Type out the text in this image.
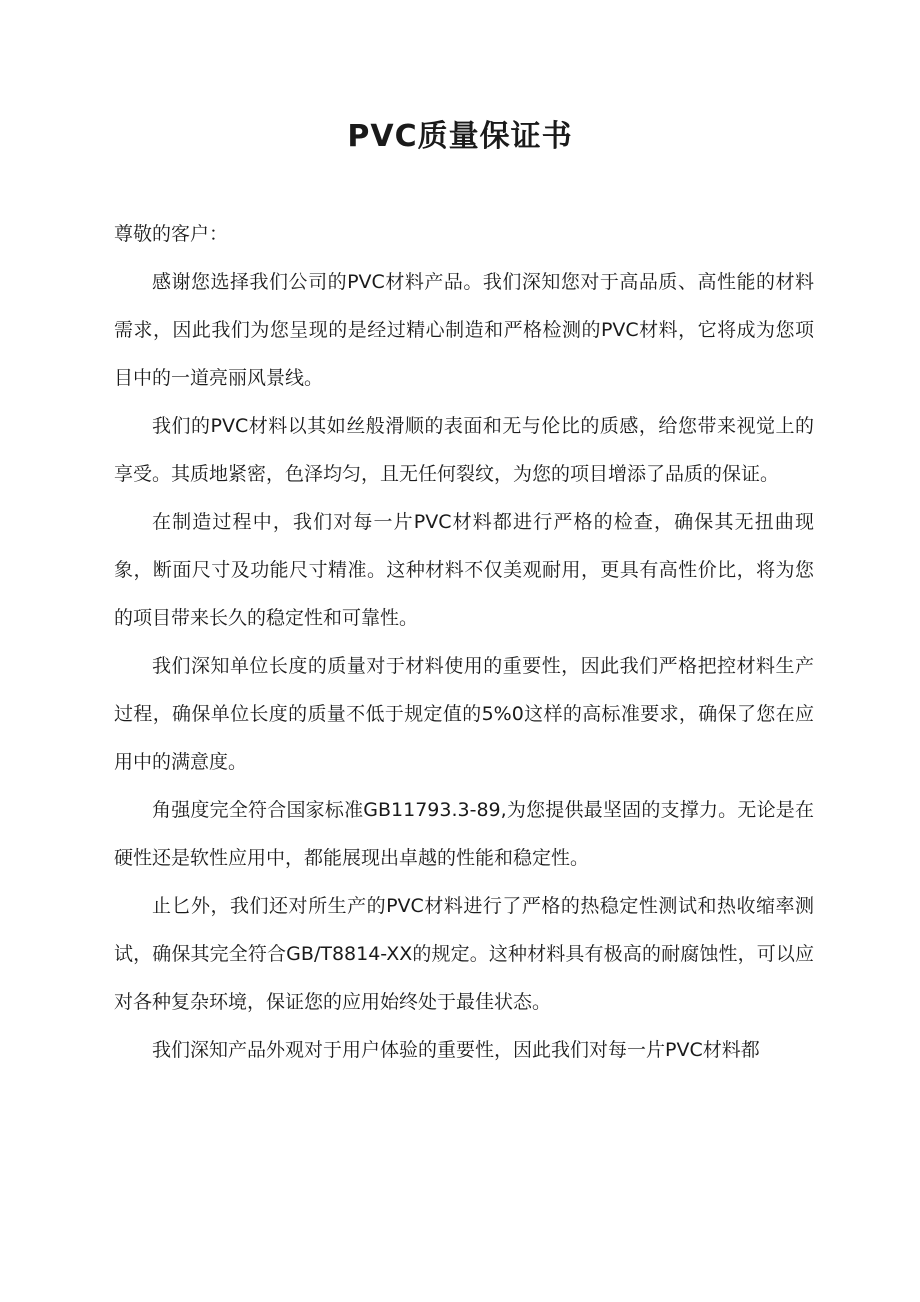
PVC质量保证书

尊敬的客户：

感谢您选择我们公司的PVC材料产品。我们深知您对于高品质、高性能的材料需求，因此我们为您呈现的是经过精心制造和严格检测的PVC材料，它将成为您项目中的一道亮丽风景线。

我们的PVC材料以其如丝般滑顺的表面和无与伦比的质感，给您带来视觉上的享受。其质地紧密，色泽均匀，且无任何裂纹，为您的项目增添了品质的保证。

在制造过程中，我们对每一片PVC材料都进行严格的检查，确保其无扭曲现象，断面尺寸及功能尺寸精准。这种材料不仅美观耐用，更具有高性价比，将为您的项目带来长久的稳定性和可靠性。

我们深知单位长度的质量对于材料使用的重要性，因此我们严格把控材料生产过程，确保单位长度的质量不低于规定值的5%0这样的高标准要求，确保了您在应用中的满意度。

角强度完全符合国家标准GB11793.3-89,为您提供最坚固的支撑力。无论是在硬性还是软性应用中，都能展现出卓越的性能和稳定性。

止匕外，我们还对所生产的PVC材料进行了严格的热稳定性测试和热收缩率测试，确保其完全符合GB/T8814-XX的规定。这种材料具有极高的耐腐蚀性，可以应对各种复杂环境，保证您的应用始终处于最佳状态。

我们深知产品外观对于用户体验的重要性，因此我们对每一片PVC材料都
